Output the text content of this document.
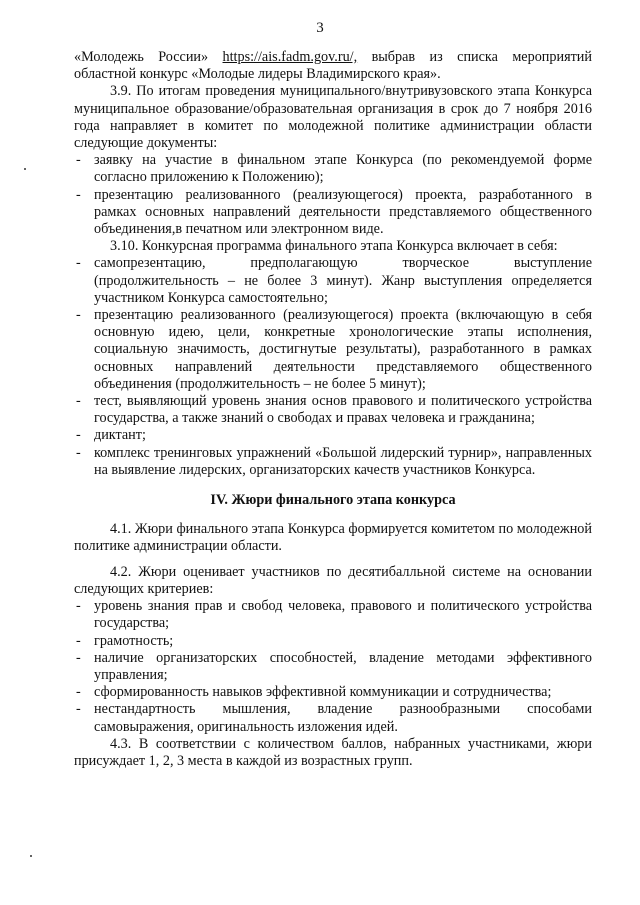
3

«Молодежь России» https://ais.fadm.gov.ru/, выбрав из списка мероприятий областной конкурс «Молодые лидеры Владимирского края».

3.9. По итогам проведения муниципального/внутривузовского этапа Конкурса муниципальное образование/образовательная организация в срок до 7 ноября 2016 года направляет в комитет по молодежной политике администрации области следующие документы:

- заявку на участие в финальном этапе Конкурса (по рекомендуемой форме согласно приложению к Положению);
- презентацию реализованного (реализующегося) проекта, разработанного в рамках основных направлений деятельности представляемого общественного объединения,в печатном или электронном виде.

3.10. Конкурсная программа финального этапа Конкурса включает в себя:

- самопрезентацию, предполагающую творческое выступление (продолжительность – не более 3 минут). Жанр выступления определяется участником Конкурса самостоятельно;
- презентацию реализованного (реализующегося) проекта (включающую в себя основную идею, цели, конкретные хронологические этапы исполнения, социальную значимость, достигнутые результаты), разработанного в рамках основных направлений деятельности представляемого общественного объединения (продолжительность – не более 5 минут);
- тест, выявляющий уровень знания основ правового и политического устройства государства, а также знаний о свободах и правах человека и гражданина;
- диктант;
- комплекс тренинговых упражнений «Большой лидерский турнир», направленных на выявление лидерских, организаторских качеств участников Конкурса.

IV. Жюри финального этапа конкурса

4.1. Жюри финального этапа Конкурса формируется комитетом по молодежной политике администрации области.

4.2. Жюри оценивает участников по десятибалльной системе на основании следующих критериев:

- уровень знания прав и свобод человека, правового и политического устройства государства;
- грамотность;
- наличие организаторских способностей, владение методами эффективного управления;
- сформированность навыков эффективной коммуникации и сотрудничества;
- нестандартность мышления, владение разнообразными способами самовыражения, оригинальность изложения идей.

4.3. В соответствии с количеством баллов, набранных участниками, жюри присуждает 1, 2, 3 места в каждой из возрастных групп.
